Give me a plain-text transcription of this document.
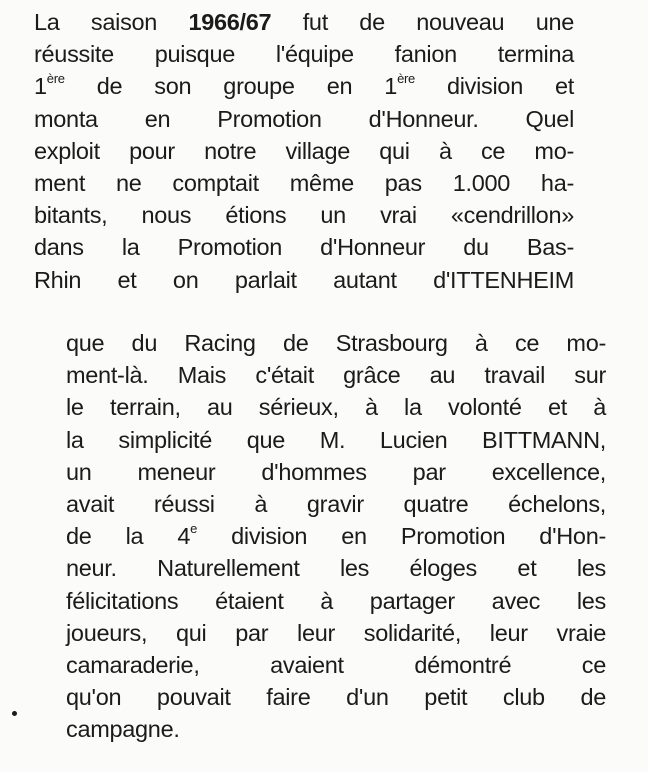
La saison 1966/67 fut de nouveau une
réussite puisque l'équipe fanion termina
1ère de son groupe en 1ère division et
monta en Promotion d'Honneur. Quel
exploit pour notre village qui à ce mo-
ment ne comptait même pas 1.000 ha-
bitants, nous étions un vrai «cendrillon»
dans la Promotion d'Honneur du Bas-
Rhin et on parlait autant d'ITTENHEIM
que du Racing de Strasbourg à ce mo-
ment-là. Mais c'était grâce au travail sur
le terrain, au sérieux, à la volonté et à
la simplicité que M. Lucien BITTMANN,
un meneur d'hommes par excellence,
avait réussi à gravir quatre échelons,
de la 4e division en Promotion d'Hon-
neur. Naturellement les éloges et les
félicitations étaient à partager avec les
joueurs, qui par leur solidarité, leur vraie
camaraderie, avaient démontré ce
qu'on pouvait faire d'un petit club de
campagne.
